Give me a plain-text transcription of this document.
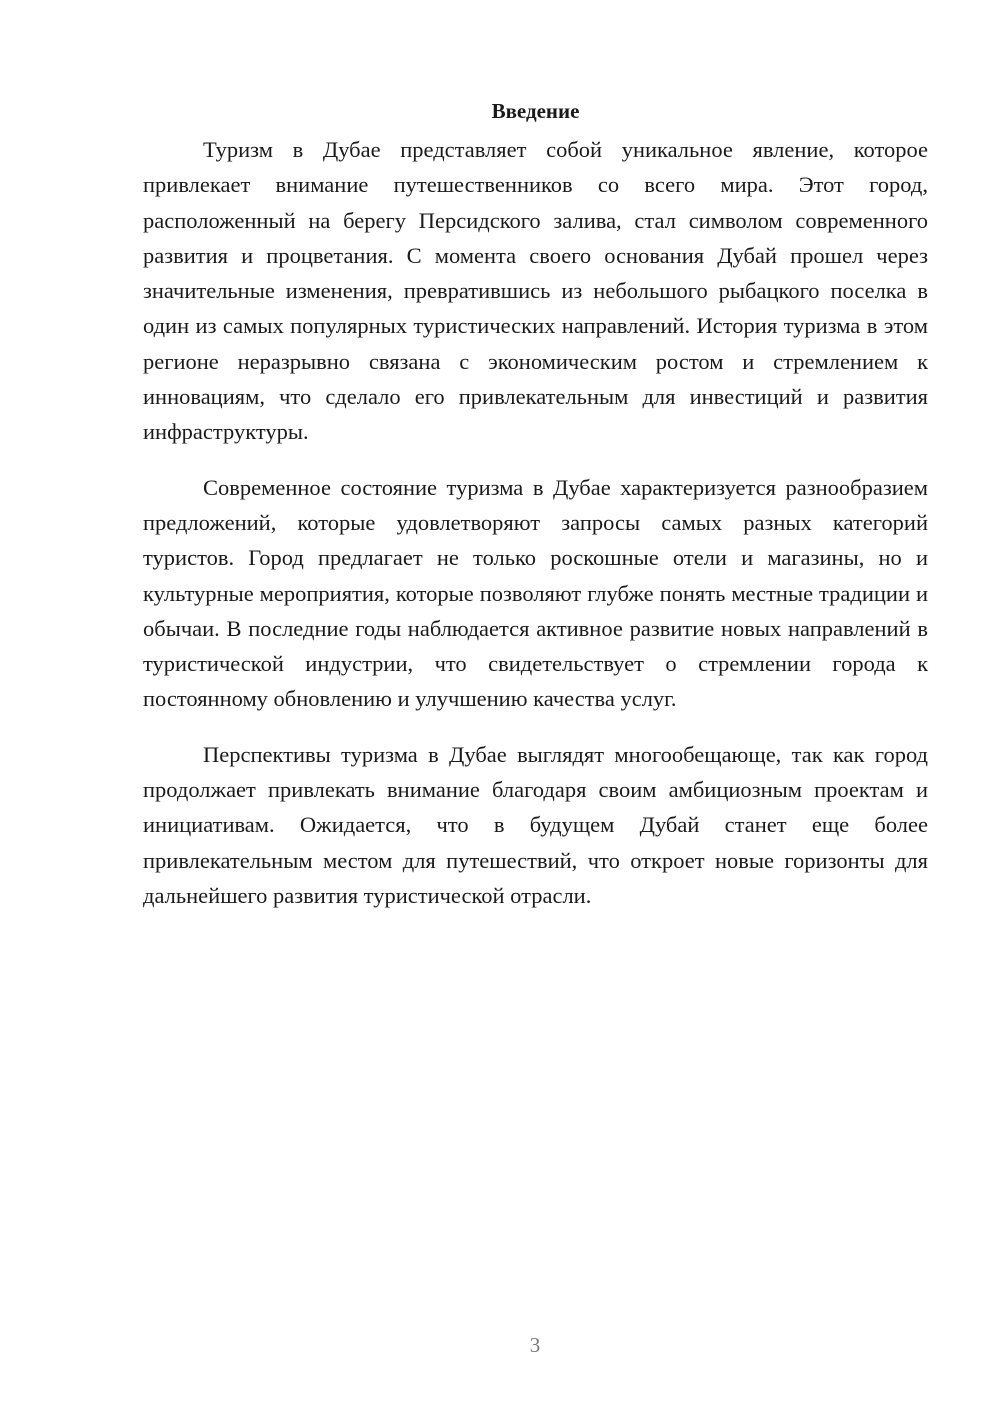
Введение

Туризм в Дубае представляет собой уникальное явление, которое привлекает внимание путешественников со всего мира. Этот город, расположенный на берегу Персидского залива, стал символом современного развития и процветания. С момента своего основания Дубай прошел через значительные изменения, превратившись из небольшого рыбацкого поселка в один из самых популярных туристических направлений. История туризма в этом регионе неразрывно связана с экономическим ростом и стремлением к инновациям, что сделало его привлекательным для инвестиций и развития инфраструктуры.

Современное состояние туризма в Дубае характеризуется разнообразием предложений, которые удовлетворяют запросы самых разных категорий туристов. Город предлагает не только роскошные отели и магазины, но и культурные мероприятия, которые позволяют глубже понять местные традиции и обычаи. В последние годы наблюдается активное развитие новых направлений в туристической индустрии, что свидетельствует о стремлении города к постоянному обновлению и улучшению качества услуг.

Перспективы туризма в Дубае выглядят многообещающе, так как город продолжает привлекать внимание благодаря своим амбициозным проектам и инициативам. Ожидается, что в будущем Дубай станет еще более привлекательным местом для путешествий, что откроет новые горизонты для дальнейшего развития туристической отрасли.

3
